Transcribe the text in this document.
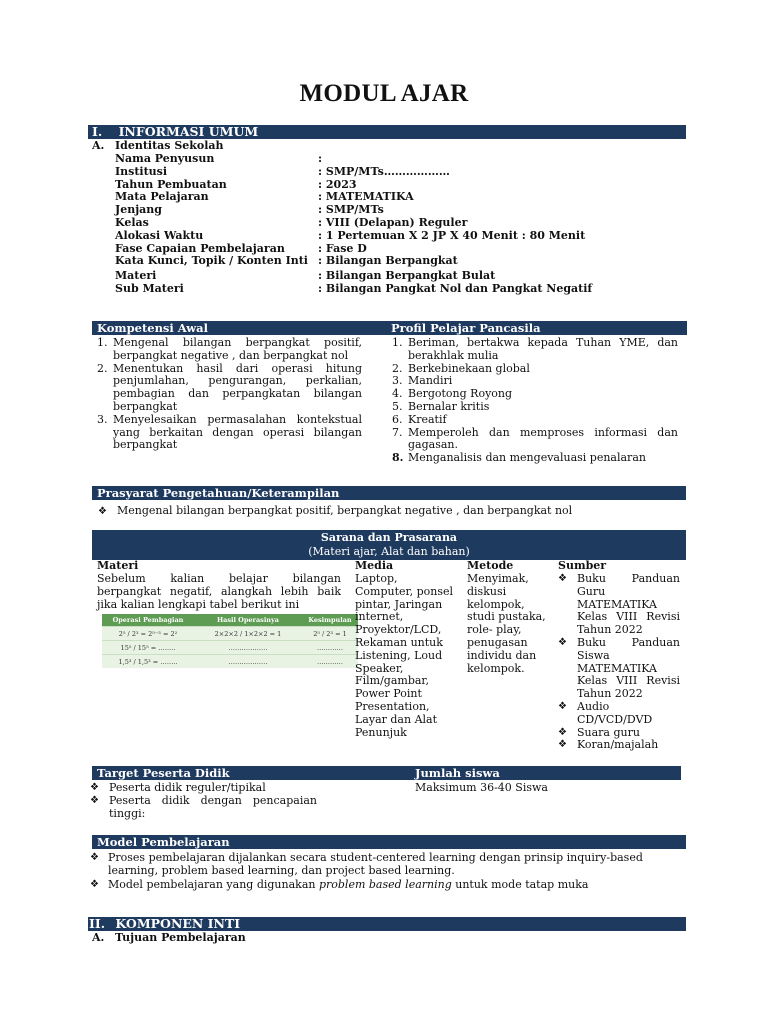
MODUL AJAR
I. INFORMASI UMUM
A. Identitas Sekolah
Nama Penyusun	:
Institusi	: SMP/MTs………………
Tahun Pembuatan	: 2023
Mata Pelajaran	: MATEMATIKA
Jenjang	: SMP/MTs
Kelas	: VIII (Delapan) Reguler
Alokasi Waktu	: 1 Pertemuan X 2 JP X 40 Menit : 80 Menit
Fase Capaian Pembelajaran	: Fase D
Kata Kunci, Topik / Konten Inti : Bilangan Berpangkat
Materi	: Bilangan Berpangkat Bulat
Sub Materi	: Bilangan Pangkat Nol dan Pangkat Negatif
Kompetensi Awal	Profil Pelajar Pancasila
1. Mengenal bilangan berpangkat positif, berpangkat negative , dan berpangkat nol
2. Menentukan hasil dari operasi hitung penjumlahan, pengurangan, perkalian, pembagian dan perpangkatan bilangan berpangkat
3. Menyelesaikan permasalahan kontekstual yang berkaitan dengan operasi bilangan berpangkat
1. Beriman, bertakwa kepada Tuhan YME, dan berakhlak mulia
2. Berkebinekaan global
3. Mandiri
4. Bergotong Royong
5. Bernalar kritis
6. Kreatif
7. Memperoleh dan memproses informasi dan gagasan.
8. Menganalisis dan mengevaluasi penalaran
Prasyarat Pengetahuan/Keterampilan
❖ Mengenal bilangan berpangkat positif, berpangkat negative , dan berpangkat nol
Sarana dan Prasarana
(Materi ajar, Alat dan bahan)
Materi
Sebelum kalian belajar bilangan berpangkat negatif, alangkah lebih baik jika kalian lengkapi tabel berikut ini
Operasi Pembagian	Hasil Operasinya	Kesimpulan
2⁵ / 2³ = 2⁵⁻³ = 2²	2×2×2 / 1×2×2 = 1	2⁵ / 2³ = 1
15⁵ / 15⁵ = ……..	………………	…………
1,5³ / 1,5³ = ……..	………………	…………
Media
Laptop, Computer, ponsel pintar, Jaringan internet, Proyektor/LCD, Rekaman untuk Listening, Loud Speaker, Film/gambar, Power Point Presentation, Layar dan Alat Penunjuk
Metode
Menyimak, diskusi kelompok, studi pustaka, role- play, penugasan individu dan kelompok.
Sumber
❖ Buku Panduan Guru MATEMATIKA Kelas VIII Revisi Tahun 2022
❖ Buku Panduan Siswa MATEMATIKA Kelas VIII Revisi Tahun 2022
❖ Audio CD/VCD/DVD
❖ Suara guru
❖ Koran/majalah
Target Peserta Didik	Jumlah siswa
❖ Peserta didik reguler/tipikal
❖ Peserta didik dengan pencapaian tinggi:
Maksimum 36-40 Siswa
Model Pembelajaran
❖ Proses pembelajaran dijalankan secara student-centered learning dengan prinsip inquiry-based learning, problem based learning, dan project based learning.
❖ Model pembelajaran yang digunakan problem based learning untuk mode tatap muka
II. KOMPONEN INTI
A. Tujuan Pembelajaran
